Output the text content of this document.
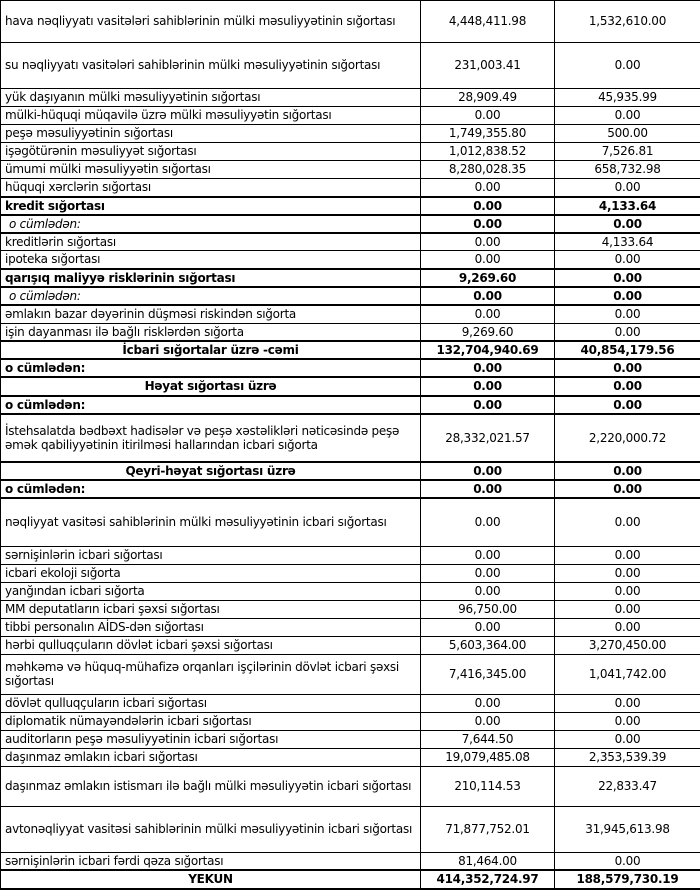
hava nəqliyyatı vasitələri sahiblərinin mülki məsuliyyətinin sığortası	4,448,411.98	1,532,610.00
su nəqliyyatı vasitələri sahiblərinin mülki məsuliyyətinin sığortası	231,003.41	0.00
yük daşıyanın mülki məsuliyyətinin sığortası	28,909.49	45,935.99
mülki-hüquqi müqavilə üzrə mülki məsuliyyətin sığortası	0.00	0.00
peşə məsuliyyətinin sığortası	1,749,355.80	500.00
işəgötürənin məsuliyyət sığortası	1,012,838.52	7,526.81
ümumi mülki məsuliyyətin sığortası	8,280,028.35	658,732.98
hüquqi xərclərin sığortası	0.00	0.00
kredit sığortası	0.00	4,133.64
o cümlədən:	0.00	0.00
kreditlərin sığortası	0.00	4,133.64
ipoteka sığortası	0.00	0.00
qarışıq maliyyə risklərinin sığortası	9,269.60	0.00
o cümlədən:	0.00	0.00
əmlakın bazar dəyərinin düşməsi riskindən sığorta	0.00	0.00
işin dayanması ilə bağlı risklərdən sığorta	9,269.60	0.00
İcbari sığortalar üzrə -cəmi	132,704,940.69	40,854,179.56
o cümlədən:	0.00	0.00
Həyat sığortası üzrə	0.00	0.00
o cümlədən:	0.00	0.00
İstehsalatda bədbəxt hadisələr və peşə xəstəlikləri nəticəsində peşə əmək qabiliyyətinin itirilməsi hallarından icbari sığorta	28,332,021.57	2,220,000.72
Qeyri-həyat sığortası üzrə	0.00	0.00
o cümlədən:	0.00	0.00
nəqliyyat vasitəsi sahiblərinin mülki məsuliyyətinin icbari sığortası	0.00	0.00
sərnişinlərin icbari sığortası	0.00	0.00
icbari ekoloji sığorta	0.00	0.00
yanğından icbari sığorta	0.00	0.00
MM deputatların icbari şəxsi sığortası	96,750.00	0.00
tibbi personalın AİDS-dən sığortası	0.00	0.00
hərbi qulluqçuların dövlət icbari şəxsi sığortası	5,603,364.00	3,270,450.00
məhkəmə və hüquq-mühafizə orqanları işçilərinin dövlət icbari şəxsi sığortası	7,416,345.00	1,041,742.00
dövlət qulluqçuların icbari sığortası	0.00	0.00
diplomatik nümayəndələrin icbari sığortası	0.00	0.00
auditorların peşə məsuliyyətinin icbari sığortası	7,644.50	0.00
daşınmaz əmlakın icbari sığortası	19,079,485.08	2,353,539.39
daşınmaz əmlakın istismarı ilə bağlı mülki məsuliyyətin icbari sığortası	210,114.53	22,833.47
avtonəqliyyat vasitəsi sahiblərinin mülki məsuliyyətinin icbari sığortası	71,877,752.01	31,945,613.98
sərnişinlərin icbari fərdi qəza sığortası	81,464.00	0.00
YEKUN	414,352,724.97	188,579,730.19
